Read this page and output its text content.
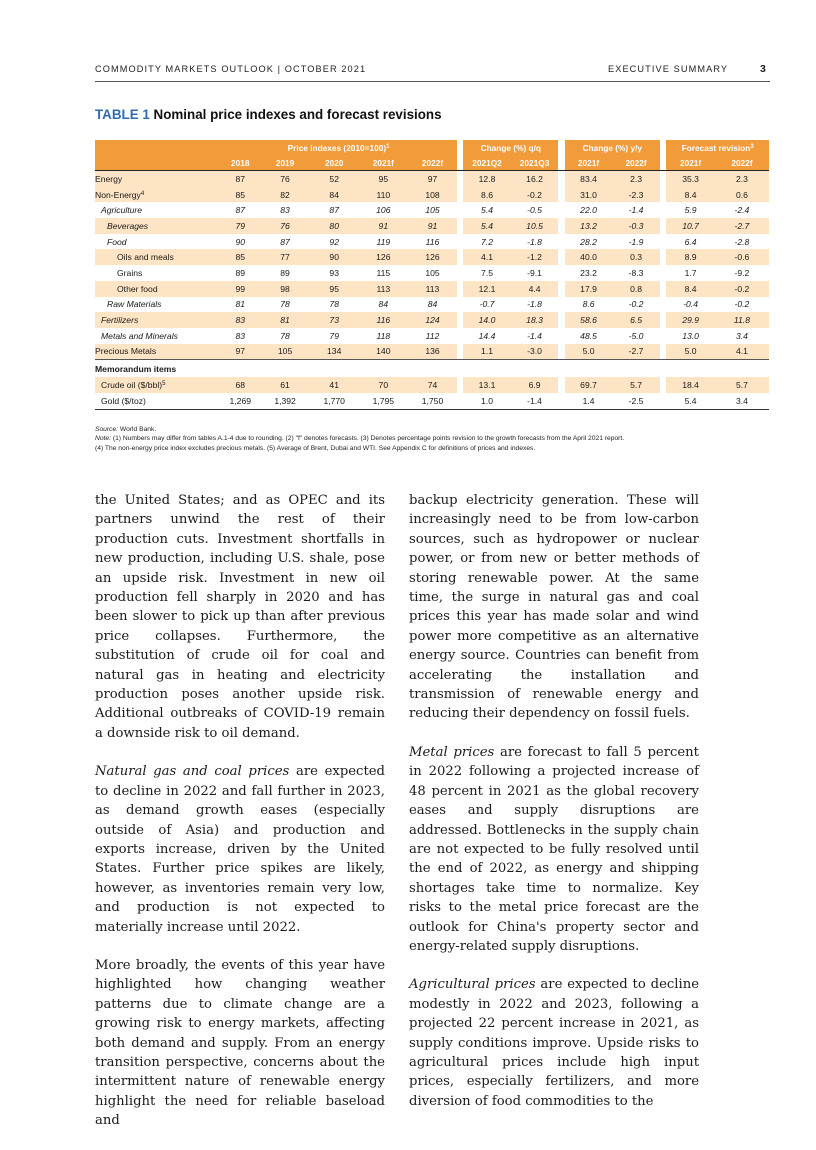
COMMODITY MARKETS OUTLOOK | OCTOBER 2021	EXECUTIVE SUMMARY	3
TABLE 1 Nominal price indexes and forecast revisions
	Price indexes (2010=100)$^1$						Change (%) q/q			Change (%) y/y			Forecast revision$^3$
	2018	2019	2020	2021f	2022f		2021Q2	2021Q3		2021f	2022f		2021f	2022f
Energy	87	76	52	95	97		12.8	16.2		83.4	2.3		35.3	2.3
Non-Energy$^4$	85	82	84	110	108		8.6	-0.2		31.0	-2.3		8.4	0.6
Agriculture	87	83	87	106	105		5.4	-0.5		22.0	-1.4		5.9	-2.4
Beverages	79	76	80	91	91		5.4	10.5		13.2	-0.3		10.7	-2.7
Food	90	87	92	119	116		7.2	-1.8		28.2	-1.9		6.4	-2.8
Oils and meals	85	77	90	126	126		4.1	-1.2		40.0	0.3		8.9	-0.6
Grains	89	89	93	115	105		7.5	-9.1		23.2	-8.3		1.7	-9.2
Other food	99	98	95	113	113		12.1	4.4		17.9	0.8		8.4	-0.2
Raw Materials	81	78	78	84	84		-0.7	-1.8		8.6	-0.2		-0.4	-0.2
Fertilizers	83	81	73	116	124		14.0	18.3		58.6	6.5		29.9	11.8
Metals and Minerals	83	78	79	118	112		14.4	-1.4		48.5	-5.0		13.0	3.4
Precious Metals	97	105	134	140	136		1.1	-3.0		5.0	-2.7		5.0	4.1
Memorandum items														
Crude oil ($/bbl)$^5$	68	61	41	70	74		13.1	6.9		69.7	5.7		18.4	5.7
Gold ($/toz)	1,269	1,392	1,770	1,795	1,750		1.0	-1.4		1.4	-2.5		5.4	3.4
Source: World Bank.
Note: (1) Numbers may differ from tables A.1-4 due to rounding. (2) "f" denotes forecasts. (3) Denotes percentage points revision to the growth forecasts from the April 2021 report.
(4) The non-energy price index excludes precious metals. (5) Average of Brent, Dubai and WTI. See Appendix C for definitions of prices and indexes.

the United States; and as OPEC and its partners unwind the rest of their production cuts. Investment shortfalls in new production, including U.S. shale, pose an upside risk. Investment in new oil production fell sharply in 2020 and has been slower to pick up than after previous price collapses. Furthermore, the substitution of crude oil for coal and natural gas in heating and electricity production poses another upside risk. Additional outbreaks of COVID-19 remain a downside risk to oil demand.

Natural gas and coal prices are expected to decline in 2022 and fall further in 2023, as demand growth eases (especially outside of Asia) and production and exports increase, driven by the United States. Further price spikes are likely, however, as inventories remain very low, and production is not expected to materially increase until 2022.

More broadly, the events of this year have highlighted how changing weather patterns due to climate change are a growing risk to energy markets, affecting both demand and supply. From an energy transition perspective, concerns about the intermittent nature of renewable energy highlight the need for reliable baseload and

backup electricity generation. These will increasingly need to be from low-carbon sources, such as hydropower or nuclear power, or from new or better methods of storing renewable power. At the same time, the surge in natural gas and coal prices this year has made solar and wind power more competitive as an alternative energy source. Countries can benefit from accelerating the installation and transmission of renewable energy and reducing their dependency on fossil fuels.

Metal prices are forecast to fall 5 percent in 2022 following a projected increase of 48 percent in 2021 as the global recovery eases and supply disruptions are addressed. Bottlenecks in the supply chain are not expected to be fully resolved until the end of 2022, as energy and shipping shortages take time to normalize. Key risks to the metal price forecast are the outlook for China's property sector and energy-related supply disruptions.

Agricultural prices are expected to decline modestly in 2022 and 2023, following a projected 22 percent increase in 2021, as supply conditions improve. Upside risks to agricultural prices include high input prices, especially fertilizers, and more diversion of food commodities to the
